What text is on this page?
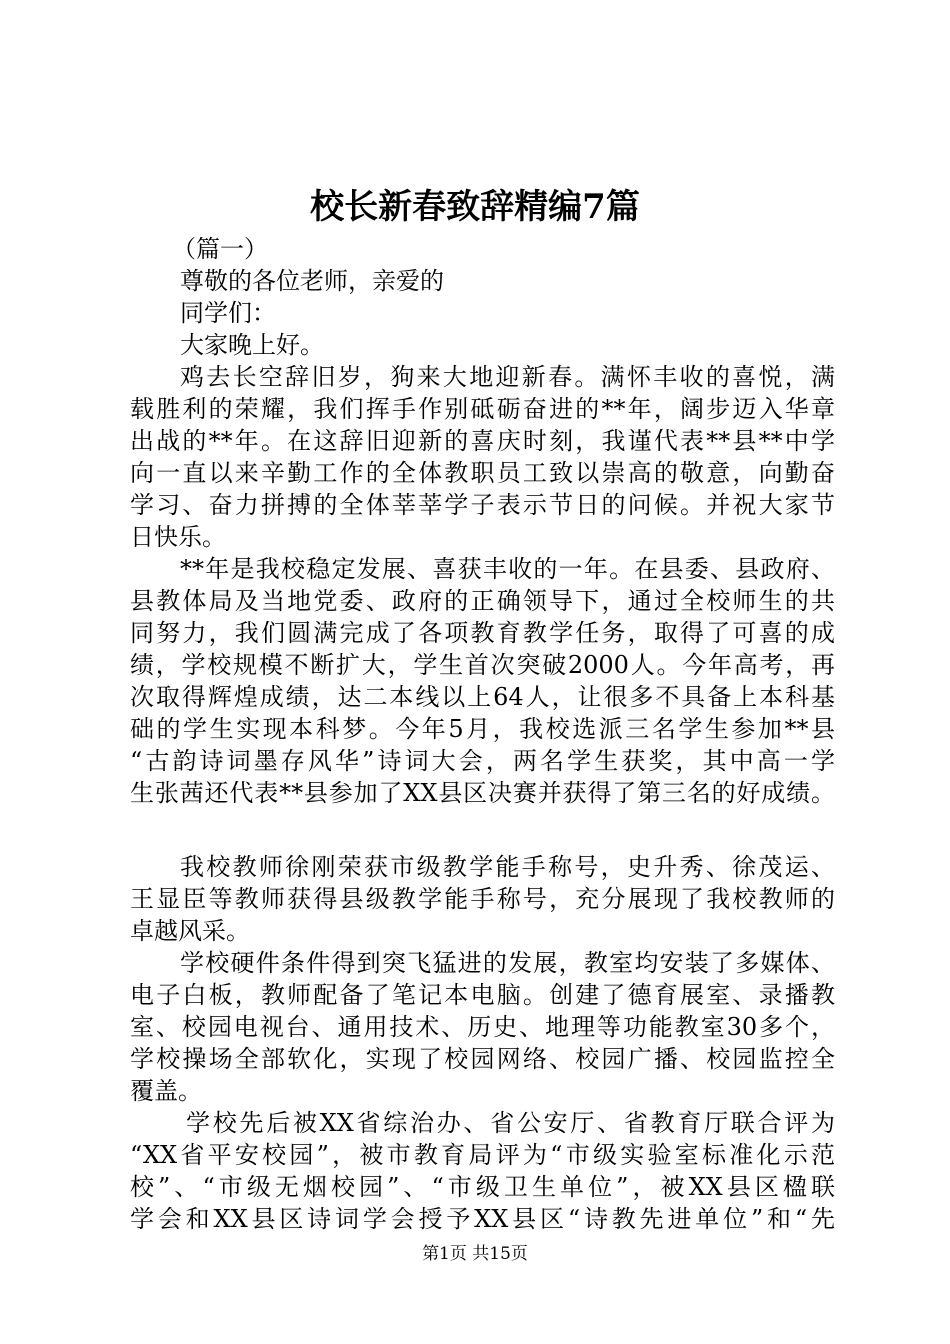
校长新春致辞精编7篇
（篇一）
尊敬的各位老师，亲爱的
同学们：
大家晚上好。
鸡去长空辞旧岁，狗来大地迎新春。满怀丰收的喜悦，满
载胜利的荣耀，我们挥手作别砥砺奋进的**年，阔步迈入华章
出战的**年。在这辞旧迎新的喜庆时刻，我谨代表**县**中学
向一直以来辛勤工作的全体教职员工致以崇高的敬意，向勤奋
学习、奋力拼搏的全体莘莘学子表示节日的问候。并祝大家节
日快乐。
**年是我校稳定发展、喜获丰收的一年。在县委、县政府、
县教体局及当地党委、政府的正确领导下，通过全校师生的共
同努力，我们圆满完成了各项教育教学任务，取得了可喜的成
绩，学校规模不断扩大，学生首次突破2000人。今年高考，再
次取得辉煌成绩，达二本线以上64人，让很多不具备上本科基
础的学生实现本科梦。今年5月，我校选派三名学生参加**县
“古韵诗词墨存风华”诗词大会，两名学生获奖，其中高一学
生张茜还代表**县参加了XX县区决赛并获得了第三名的好成绩。
我校教师徐刚荣获市级教学能手称号，史升秀、徐茂运、
王显臣等教师获得县级教学能手称号，充分展现了我校教师的
卓越风采。
学校硬件条件得到突飞猛进的发展，教室均安装了多媒体、
电子白板，教师配备了笔记本电脑。创建了德育展室、录播教
室、校园电视台、通用技术、历史、地理等功能教室30多个，
学校操场全部软化，实现了校园网络、校园广播、校园监控全
覆盖。
学校先后被XX省综治办、省公安厅、省教育厅联合评为
“XX省平安校园”，被市教育局评为“市级实验室标准化示范
校”、“市级无烟校园”、“市级卫生单位”，被XX县区楹联
学会和XX县区诗词学会授予XX县区“诗教先进单位”和“先
第1页 共15页
